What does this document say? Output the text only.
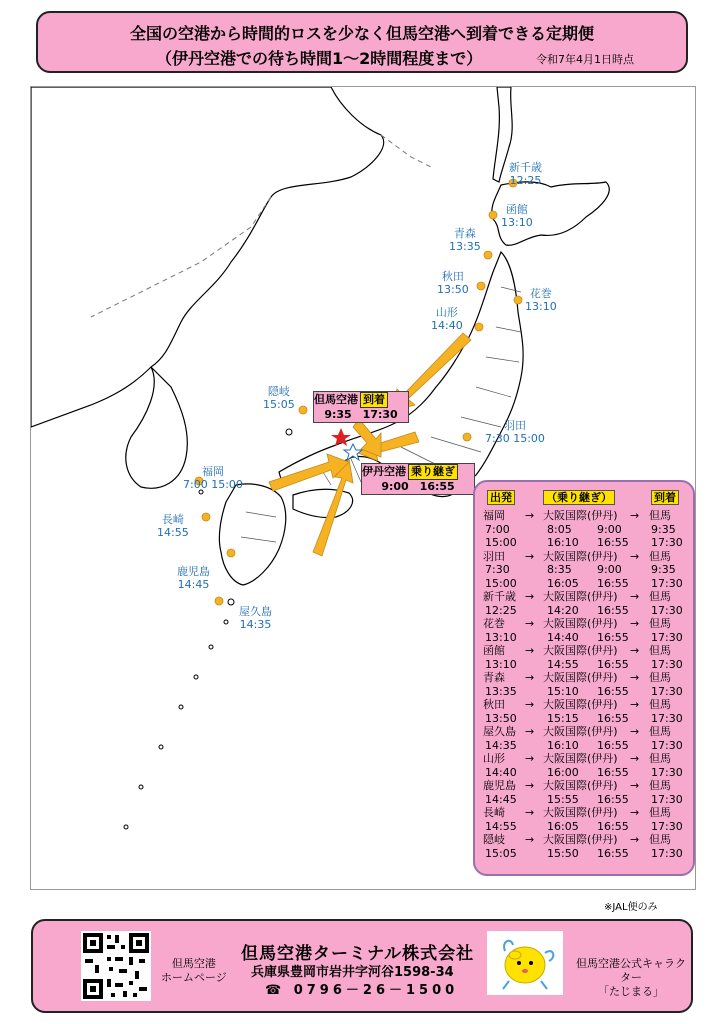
全国の空港から時間的ロスを少なく但馬空港へ到着できる定期便
（伊丹空港での待ち時間1～2時間程度まで）	令和7年4月1日時点
新千歳
12:25
函館
13:10
青森
13:35
秋田
13:50	花巻
13:10
山形
14:40
羽田
7:30 15:00
隠岐
15:05
福岡
7:00 15:00
長崎
14:55
鹿児島
14:45
屋久島
14:35
但馬空港 到着
9:35　17:30
伊丹空港 乗り継ぎ
9:00　16:55
出発	（乗り継ぎ）	到着
福岡 → 大阪国際(伊丹) → 但馬
7:00	8:05 9:00	9:35
15:00	16:10 16:55 17:30
羽田 → 大阪国際(伊丹) → 但馬
7:30	8:35 9:00	9:35
15:00	16:05 16:55 17:30
新千歳 → 大阪国際(伊丹) → 但馬
12:25	14:20 16:55 17:30
花巻 → 大阪国際(伊丹) → 但馬
13:10	14:40 16:55 17:30
函館 → 大阪国際(伊丹) → 但馬
13:10	14:55 16:55 17:30
青森 → 大阪国際(伊丹) → 但馬
13:35	15:10 16:55 17:30
秋田 → 大阪国際(伊丹) → 但馬
13:50	15:15 16:55 17:30
屋久島 → 大阪国際(伊丹) → 但馬
14:35	16:10 16:55 17:30
山形 → 大阪国際(伊丹) → 但馬
14:40	16:00 16:55 17:30
鹿児島 → 大阪国際(伊丹) → 但馬
14:45	15:55 16:55 17:30
長崎 → 大阪国際(伊丹) → 但馬
14:55	16:05 16:55 17:30
隠岐 → 大阪国際(伊丹) → 但馬
15:05	15:50 16:55 17:30
※JAL便のみ
但馬空港
ホームページ
但馬空港ターミナル株式会社
兵庫県豊岡市岩井字河谷1598-34
☎ 0796－26－1500
但馬空港公式キャラクター
「たじまる」
